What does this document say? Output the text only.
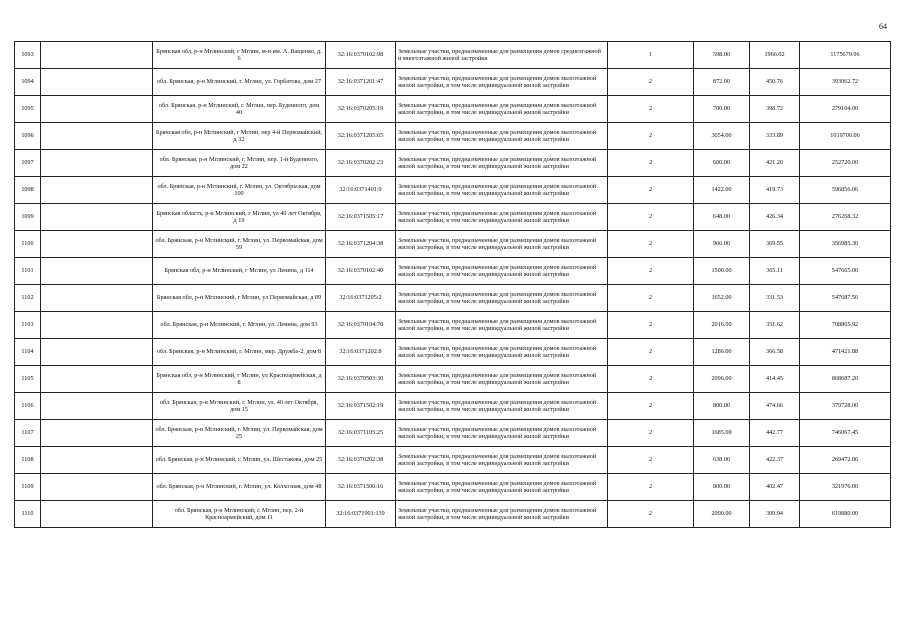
64
1093		Брянская обл, р-н Мглинский, г Мглин, м-н им. А. Ващенко, д. 6	32:16:0370102:98	Земельные участки, предназначенные для размещения домов среднеэтажной и многоэтажной жилой застройки	1	598.00	1966.02	1175679.96
1094		обл. Брянская, р-н Мглинский, г. Мглин, ул. Горбатова, дом 27	32:16:0371201:47	Земельные участки, предназначенные для размещения домов малоэтажной жилой застройки, в том числе индивидуальной жилой застройки	2	872.00	450.76	393062.72
1095		обл. Брянская, р-н Мглинский, г. Мглин, пер. Буденного, дом 40	32:16:0370205:19	Земельные участки, предназначенные для размещения домов малоэтажной жилой застройки, в том числе индивидуальной жилой застройки	2	700.00	398.72	279104.00
1096		Брянская обл, р-н Мглинский, г Мглин, пер 4-й Первомайский, д 32	32:16:0371205:65	Земельные участки, предназначенные для размещения домов малоэтажной жилой застройки, в том числе индивидуальной жилой застройки	2	3054.00	333.89	1019700.06
1097		обл. Брянская, р-н Мглинский, г. Мглин, пер. 1-й Буденного, дом 22	32:16:0370202:23	Земельные участки, предназначенные для размещения домов малоэтажной жилой застройки, в том числе индивидуальной жилой застройки	2	600.00	421.20	252720.00
1098		обл. Брянская, р-н Мглинский, г. Мглин, ул. Октябрьская, дом 100	32:16:0371401:9	Земельные участки, предназначенные для размещения домов малоэтажной жилой застройки, в том числе индивидуальной жилой застройки	2	1422.00	419.73	596856.06
1099		Брянская область, р-н Мглинский, г Мглин, ул 40 лет Октября, д 19	32:16:0371505:17	Земельные участки, предназначенные для размещения домов малоэтажной жилой застройки, в том числе индивидуальной жилой застройки	2	648.00	426.34	276268.32
1100		обл. Брянская, р-н Мглинский, г. Мглин, ул. Первомайская, дом 59	32:16:0371204:38	Земельные участки, предназначенные для размещения домов малоэтажной жилой застройки, в том числе индивидуальной жилой застройки	2	966.00	369.55	356985.30
1101		Брянская обл, р-н Мглинский, г Мглин, ул Ленина, д 114	32:16:0370102:40	Земельные участки, предназначенные для размещения домов малоэтажной жилой застройки, в том числе индивидуальной жилой застройки	2	1500.00	365.11	547665.00
1102		Брянская обл, р-н Мглинский, г Мглин, ул Первомайская, д 89	32:16:0371205:2	Земельные участки, предназначенные для размещения домов малоэтажной жилой застройки, в том числе индивидуальной жилой застройки	2	1652.00	331.53	547687.56
1103		обл. Брянская, р-н Мглинский, г. Мглин, ул. Ленина, дом 93	32:16:0370104:70	Земельные участки, предназначенные для размещения домов малоэтажной жилой застройки, в том числе индивидуальной жилой застройки	2	2016.00	351.62	708865.92
1104		обл. Брянская, р-н Мглинский, г. Мглин, мкр. Дружба-2, дом 8	32:16:0371202:8	Земельные участки, предназначенные для размещения домов малоэтажной жилой застройки, в том числе индивидуальной жилой застройки	2	1286.00	366.58	471421.88
1105		Брянская обл, р-н Мглинский, г Мглин, ул Красноармейская, д 8	32:16:0370503:30	Земельные участки, предназначенные для размещения домов малоэтажной жилой застройки, в том числе индивидуальной жилой застройки	2	2096.00	414.45	868687.20
1106		обл. Брянская, р-н Мглинский, г. Мглин, ул. 40 лет Октября, дом 15	32:16:0371502:19	Земельные участки, предназначенные для размещения домов малоэтажной жилой застройки, в том числе индивидуальной жилой застройки	2	800.00	474.66	379728.00
1107		обл. Брянская, р-н Мглинский, г. Мглин, ул. Первомайская, дом 25	32:16:0371105:25	Земельные участки, предназначенные для размещения домов малоэтажной жилой застройки, в том числе индивидуальной жилой застройки	2	1685.00	442.77	746067.45
1108		обл. Брянская, р-н Мглинский, г. Мглин, ул. Шестакова, дом 25	32:16:0370202:38	Земельные участки, предназначенные для размещения домов малоэтажной жилой застройки, в том числе индивидуальной жилой застройки	2	638.00	422.37	269472.06
1109		обл. Брянская, р-н Мглинский, г. Мглин, ул. Колхозная, дом 48	32:16:0371506:16	Земельные участки, предназначенные для размещения домов малоэтажной жилой застройки, в том числе индивидуальной жилой застройки	2	800.00	402.47	321976.00
1110		обл. Брянская, р-н Мглинский, г. Мглин, пер. 2-й Красноармейский, дом 11	32:16:0371901:139	Земельные участки, предназначенные для размещения домов малоэтажной жилой застройки, в том числе индивидуальной жилой застройки	2	2000.00	309.94	619880.00
